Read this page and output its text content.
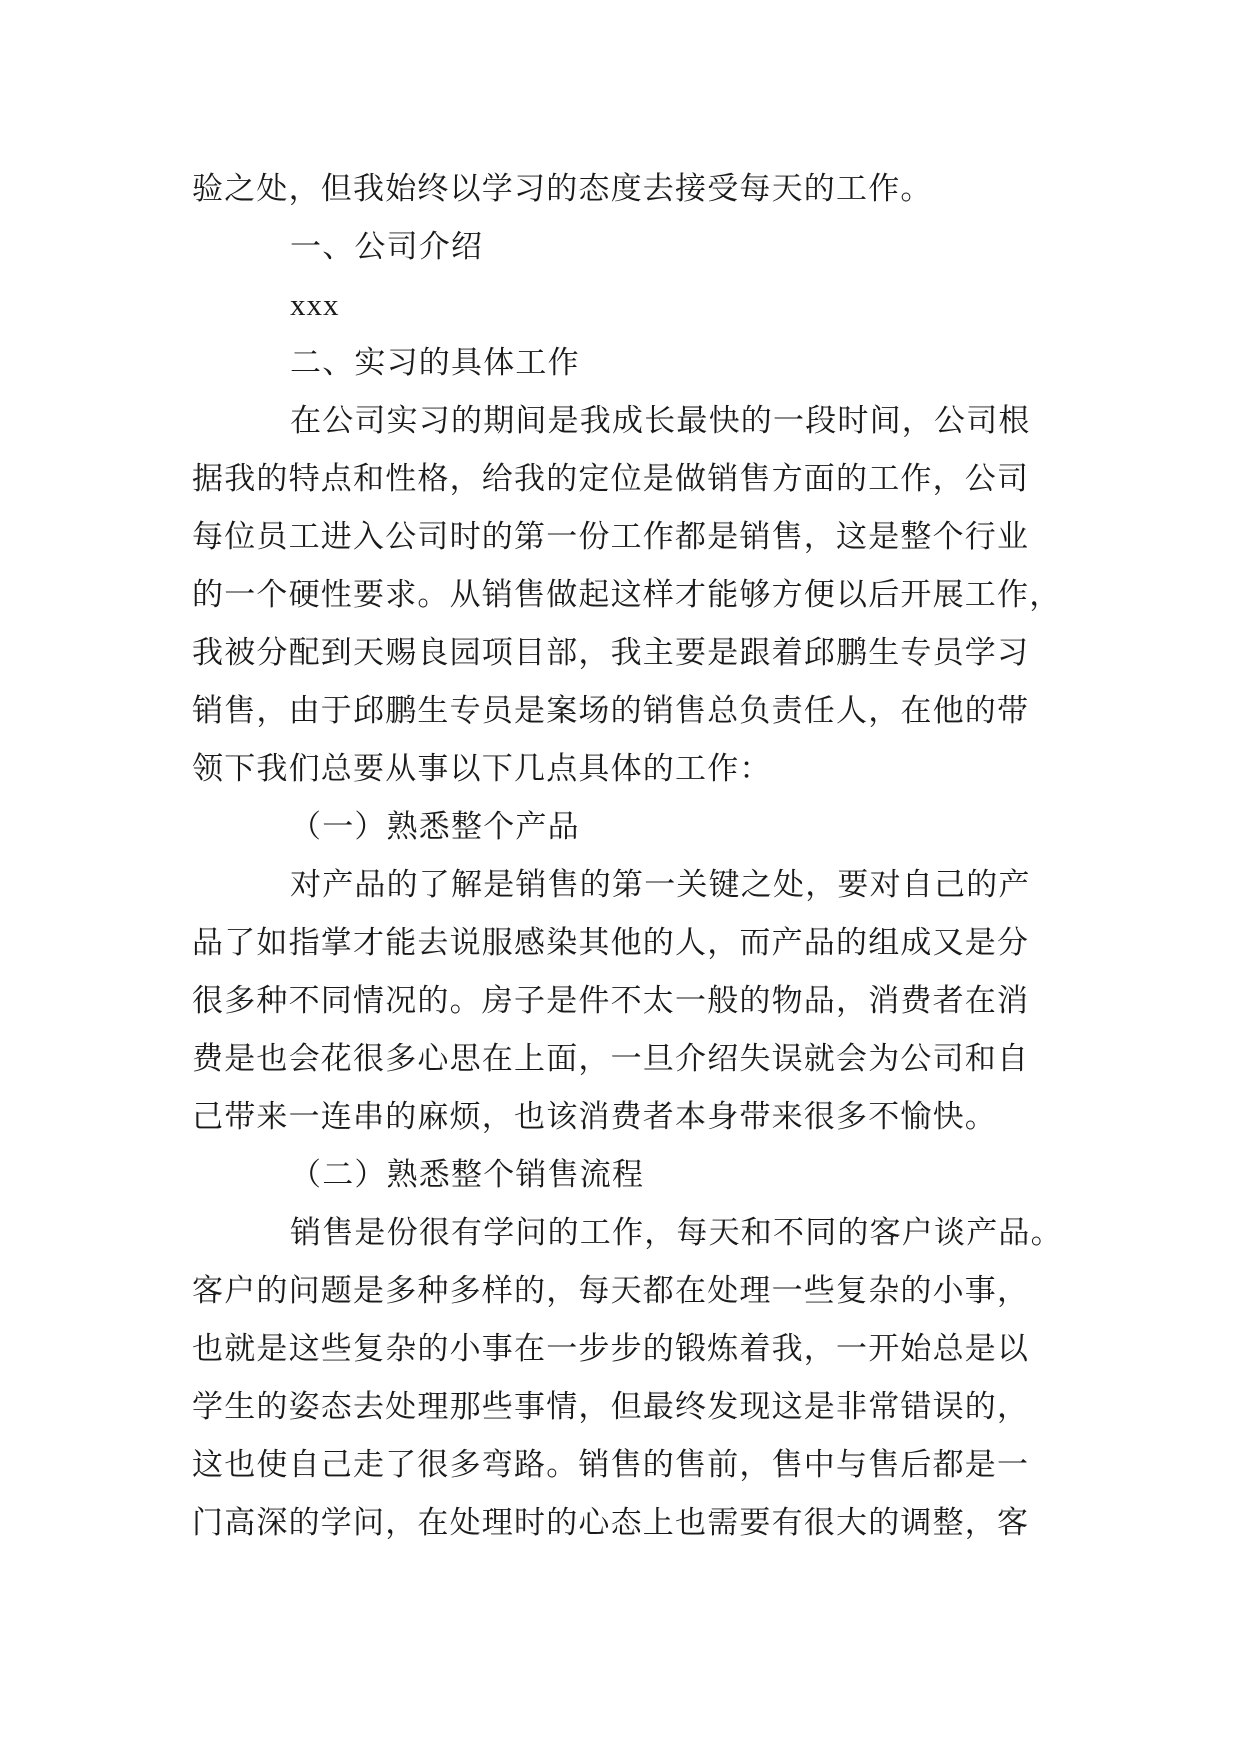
验之处，但我始终以学习的态度去接受每天的工作。
一、公司介绍
xxx
二、实习的具体工作
在公司实习的期间是我成长最快的一段时间，公司根
据我的特点和性格，给我的定位是做销售方面的工作，公司
每位员工进入公司时的第一份工作都是销售，这是整个行业
的一个硬性要求。从销售做起这样才能够方便以后开展工作，
我被分配到天赐良园项目部，我主要是跟着邱鹏生专员学习
销售，由于邱鹏生专员是案场的销售总负责任人，在他的带
领下我们总要从事以下几点具体的工作：
（一）熟悉整个产品
对产品的了解是销售的第一关键之处，要对自己的产
品了如指掌才能去说服感染其他的人，而产品的组成又是分
很多种不同情况的。房子是件不太一般的物品，消费者在消
费是也会花很多心思在上面，一旦介绍失误就会为公司和自
己带来一连串的麻烦，也该消费者本身带来很多不愉快。
（二）熟悉整个销售流程
销售是份很有学问的工作，每天和不同的客户谈产品。
客户的问题是多种多样的，每天都在处理一些复杂的小事，
也就是这些复杂的小事在一步步的锻炼着我，一开始总是以
学生的姿态去处理那些事情，但最终发现这是非常错误的，
这也使自己走了很多弯路。销售的售前，售中与售后都是一
门高深的学问，在处理时的心态上也需要有很大的调整，客
